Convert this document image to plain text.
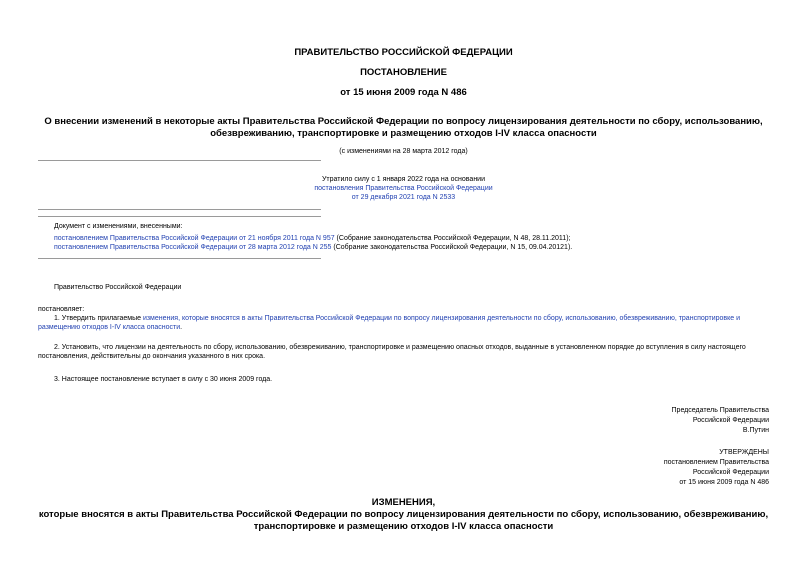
ПРАВИТЕЛЬСТВО РОССИЙСКОЙ ФЕДЕРАЦИИ
ПОСТАНОВЛЕНИЕ
от 15 июня 2009 года N 486
О внесении изменений в некоторые акты Правительства Российской Федерации по вопросу лицензирования деятельности по сбору, использованию,
обезвреживанию, транспортировке и размещению отходов I-IV класса опасности
(с изменениями на 28 марта 2012 года)
Утратило силу с 1 января 2022 года на основании
постановления Правительства Российской Федерации
от 29 декабря 2021 года N 2533
Документ с изменениями, внесенными:
постановлением Правительства Российской Федерации от 21 ноября 2011 года N 957 (Собрание законодательства Российской Федерации, N 48, 28.11.2011);
постановлением Правительства Российской Федерации от 28 марта 2012 года N 255 (Собрание законодательства Российской Федерации, N 15, 09.04.20121).
Правительство Российской Федерации
постановляет:
1. Утвердить прилагаемые изменения, которые вносятся в акты Правительства Российской Федерации по вопросу лицензирования деятельности по сбору, использованию, обезвреживанию, транспортировке и
размещению отходов I-IV класса опасности.
2. Установить, что лицензии на деятельность по сбору, использованию, обезвреживанию, транспортировке и размещению опасных отходов, выданные в установленном порядке до вступления в силу настоящего
постановления, действительны до окончания указанного в них срока.
3. Настоящее постановление вступает в силу с 30 июня 2009 года.
Председатель Правительства
Российской Федерации
В.Путин
УТВЕРЖДЕНЫ
постановлением Правительства
Российской Федерации
от 15 июня 2009 года N 486
ИЗМЕНЕНИЯ,
которые вносятся в акты Правительства Российской Федерации по вопросу лицензирования деятельности по сбору, использованию, обезвреживанию,
транспортировке и размещению отходов I-IV класса опасности
